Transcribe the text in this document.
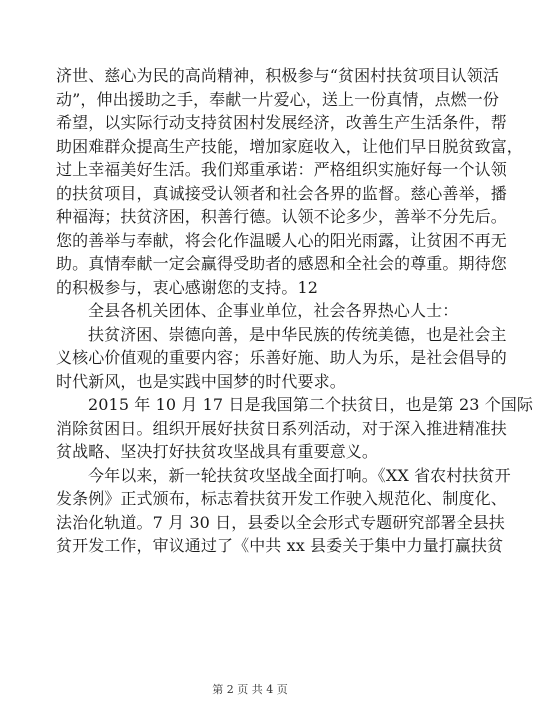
济世、慈心为民的高尚精神，积极参与“贫困村扶贫项目认领活
动”，伸出援助之手，奉献一片爱心，送上一份真情，点燃一份
希望，以实际行动支持贫困村发展经济，改善生产生活条件，帮
助困难群众提高生产技能，增加家庭收入，让他们早日脱贫致富，
过上幸福美好生活。我们郑重承诺：严格组织实施好每一个认领
的扶贫项目，真诚接受认领者和社会各界的监督。慈心善举，播
种福海；扶贫济困，积善行德。认领不论多少，善举不分先后。
您的善举与奉献，将会化作温暖人心的阳光雨露，让贫困不再无
助。真情奉献一定会赢得受助者的感恩和全社会的尊重。期待您
的积极参与，衷心感谢您的支持。12
全县各机关团体、企事业单位，社会各界热心人士：
扶贫济困、崇德向善，是中华民族的传统美德，也是社会主
义核心价值观的重要内容；乐善好施、助人为乐，是社会倡导的
时代新风，也是实践中国梦的时代要求。
2015 年 10 月 17 日是我国第二个扶贫日，也是第 23 个国际
消除贫困日。组织开展好扶贫日系列活动，对于深入推进精准扶
贫战略、坚决打好扶贫攻坚战具有重要意义。
今年以来，新一轮扶贫攻坚战全面打响。《XX 省农村扶贫开
发条例》正式颁布，标志着扶贫开发工作驶入规范化、制度化、
法治化轨道。7 月 30 日，县委以全会形式专题研究部署全县扶
贫开发工作，审议通过了《中共 xx 县委关于集中力量打赢扶贫
第 2 页 共 4 页
